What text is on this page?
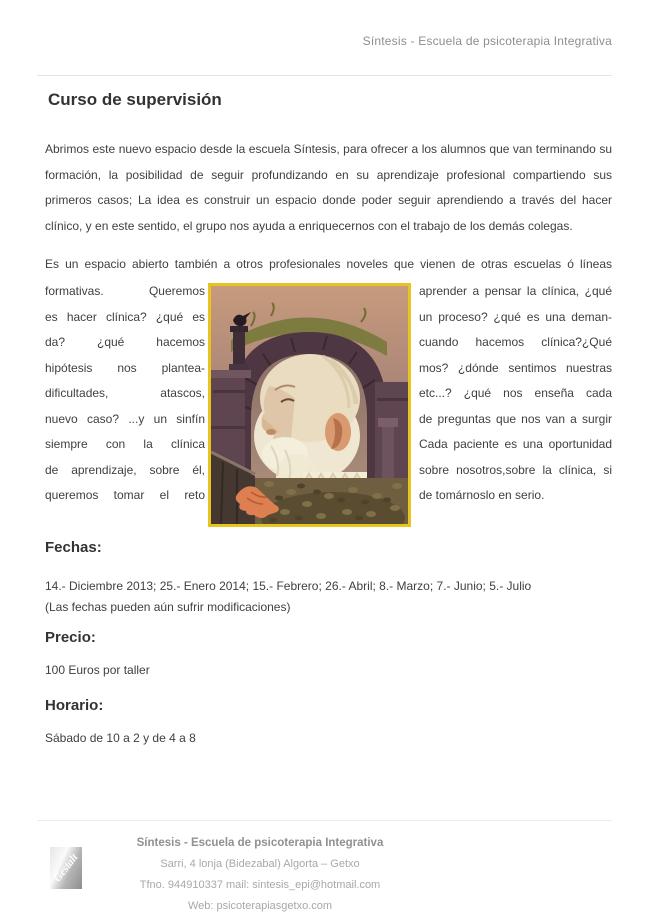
Síntesis - Escuela de psicoterapia Integrativa
Curso de supervisión
Abrimos este nuevo espacio desde la escuela Síntesis, para ofrecer a los alumnos que van terminando su formación, la posibilidad de seguir profundizando en su aprendizaje profesional compartiendo sus primeros casos; La idea es construir un espacio donde poder seguir aprendiendo a través del hacer clínico, y en este sentido, el grupo nos ayuda a enriquecernos con el trabajo de los demás colegas.
Es un espacio abierto también a otros profesionales noveles que vienen de otras escuelas ó líneas
formativas. Queremos
es hacer clínica? ¿qué es
da? ¿qué hacemos
hipótesis nos plantea-
dificultades, atascos,
nuevo caso? ...y un sinfín
siempre con la clínica
de aprendizaje, sobre él,
queremos tomar el reto
aprender a pensar la clínica, ¿qué
un proceso? ¿qué es una deman-
cuando hacemos clínica?¿Qué
mos? ¿dónde sentimos nuestras
etc...? ¿qué nos enseña cada
de preguntas que nos van a surgir
Cada paciente es una oportunidad
sobre nosotros,sobre la clínica, si
de tomárnoslo en serio.
Fechas:
14.- Diciembre 2013; 25.- Enero 2014; 15.- Febrero; 26.- Abril; 8.- Marzo; 7.- Junio; 5.- Julio
(Las fechas pueden aún sufrir modificaciones)
Precio:
100 Euros por taller
Horario:
Sábado de 10 a 2 y de 4 a 8
Gestalt
Síntesis - Escuela de psicoterapia Integrativa
Sarri, 4 lonja (Bidezabal) Algorta – Getxo
Tfno. 944910337 mail: sintesis_epi@hotmail.com
Web: psicoterapiasgetxo.com
